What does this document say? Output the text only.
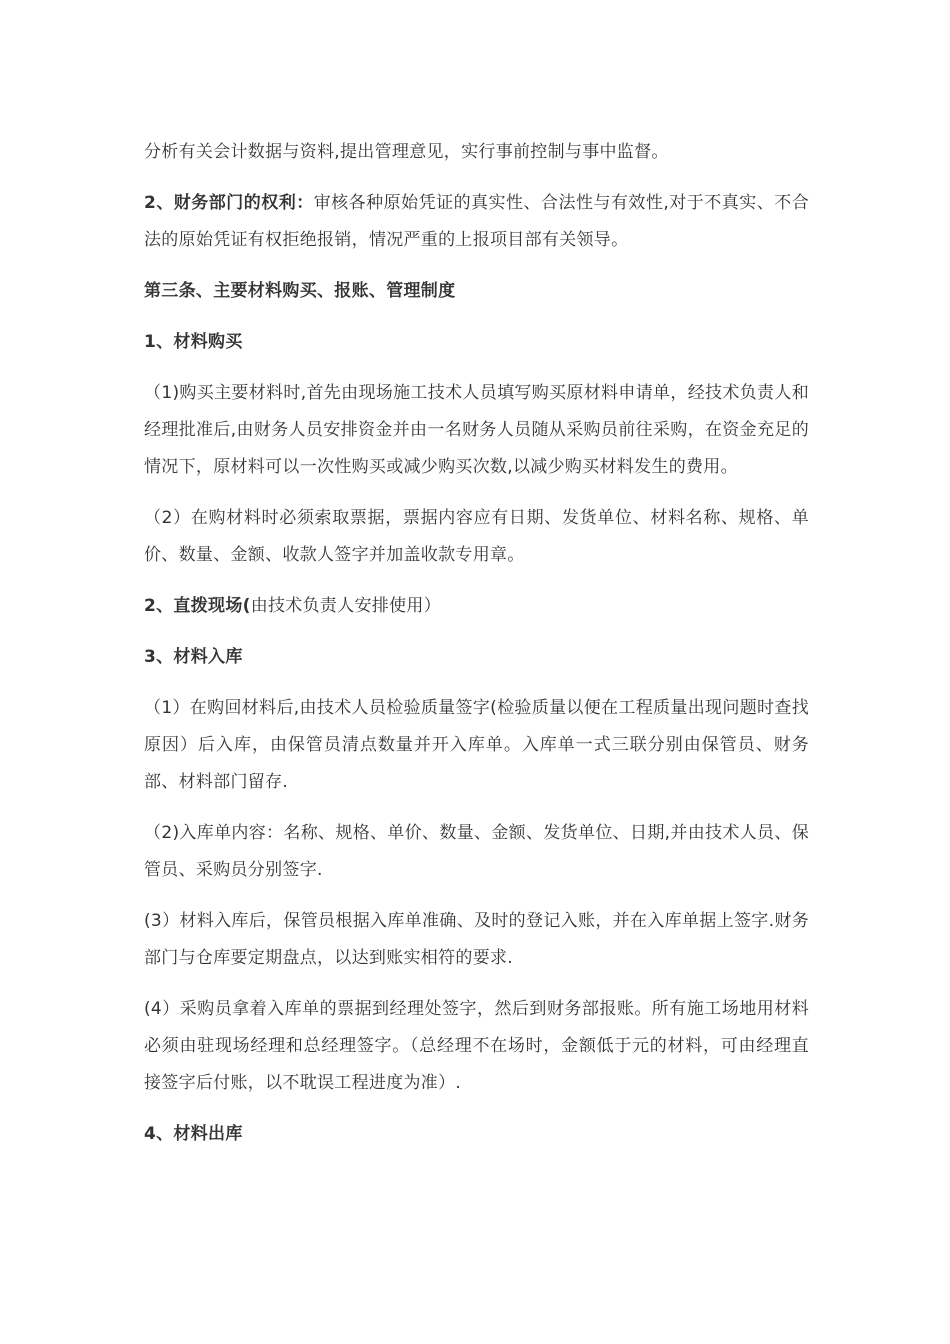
分析有关会计数据与资料,提出管理意见，实行事前控制与事中监督。

2、财务部门的权利：审核各种原始凭证的真实性、合法性与有效性,对于不真实、不合法的原始凭证有权拒绝报销，情况严重的上报项目部有关领导。

第三条、主要材料购买、报账、管理制度

1、材料购买

（1)购买主要材料时,首先由现场施工技术人员填写购买原材料申请单，经技术负责人和经理批准后,由财务人员安排资金并由一名财务人员随从采购员前往采购，在资金充足的情况下，原材料可以一次性购买或减少购买次数,以减少购买材料发生的费用。

（2）在购材料时必须索取票据，票据内容应有日期、发货单位、材料名称、规格、单价、数量、金额、收款人签字并加盖收款专用章。

2、直拨现场(由技术负责人安排使用）

3、材料入库

（1）在购回材料后,由技术人员检验质量签字(检验质量以便在工程质量出现问题时查找原因）后入库，由保管员清点数量并开入库单。入库单一式三联分别由保管员、财务部、材料部门留存.

（2)入库单内容：名称、规格、单价、数量、金额、发货单位、日期,并由技术人员、保管员、采购员分别签字.

(3）材料入库后，保管员根据入库单准确、及时的登记入账，并在入库单据上签字.财务部门与仓库要定期盘点，以达到账实相符的要求.

(4）采购员拿着入库单的票据到经理处签字，然后到财务部报账。所有施工场地用材料必须由驻现场经理和总经理签字。（总经理不在场时，金额低于元的材料，可由经理直接签字后付账，以不耽误工程进度为准）.

4、材料出库
